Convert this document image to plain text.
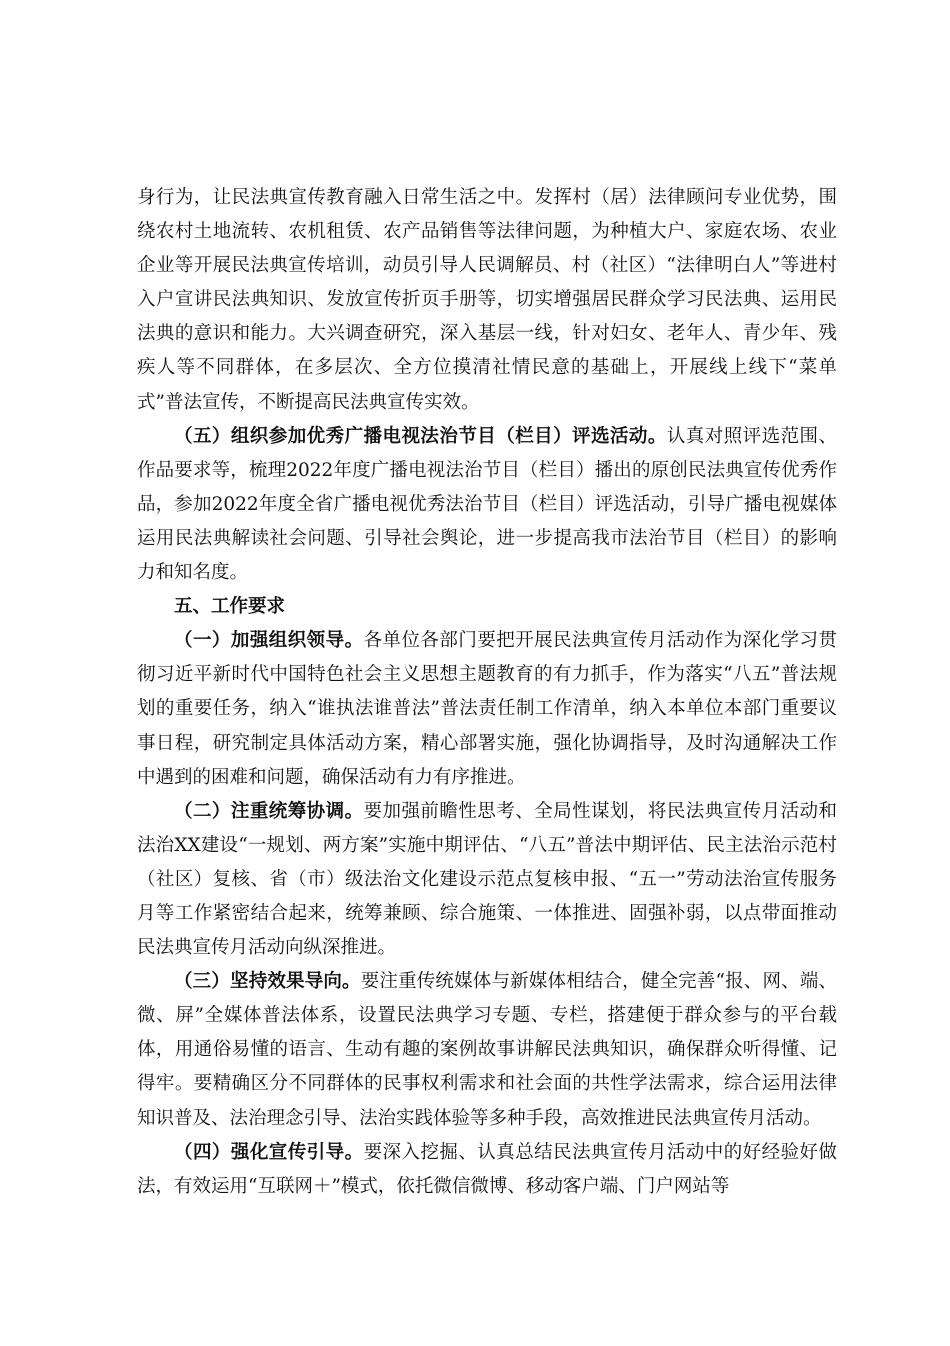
身行为，让民法典宣传教育融入日常生活之中。发挥村（居）法律顾问专业优势，围绕农村土地流转、农机租赁、农产品销售等法律问题，为种植大户、家庭农场、农业企业等开展民法典宣传培训，动员引导人民调解员、村（社区）“法律明白人”等进村入户宣讲民法典知识、发放宣传折页手册等，切实增强居民群众学习民法典、运用民法典的意识和能力。大兴调查研究，深入基层一线，针对妇女、老年人、青少年、残疾人等不同群体，在多层次、全方位摸清社情民意的基础上，开展线上线下“菜单式”普法宣传，不断提高民法典宣传实效。

（五）组织参加优秀广播电视法治节目（栏目）评选活动。认真对照评选范围、作品要求等，梳理2022年度广播电视法治节目（栏目）播出的原创民法典宣传优秀作品，参加2022年度全省广播电视优秀法治节目（栏目）评选活动，引导广播电视媒体运用民法典解读社会问题、引导社会舆论，进一步提高我市法治节目（栏目）的影响力和知名度。

五、工作要求

（一）加强组织领导。各单位各部门要把开展民法典宣传月活动作为深化学习贯彻习近平新时代中国特色社会主义思想主题教育的有力抓手，作为落实“八五”普法规划的重要任务，纳入“谁执法谁普法”普法责任制工作清单，纳入本单位本部门重要议事日程，研究制定具体活动方案，精心部署实施，强化协调指导，及时沟通解决工作中遇到的困难和问题，确保活动有力有序推进。

（二）注重统筹协调。要加强前瞻性思考、全局性谋划，将民法典宣传月活动和法治XX建设“一规划、两方案”实施中期评估、“八五”普法中期评估、民主法治示范村（社区）复核、省（市）级法治文化建设示范点复核申报、“五一”劳动法治宣传服务月等工作紧密结合起来，统筹兼顾、综合施策、一体推进、固强补弱，以点带面推动民法典宣传月活动向纵深推进。

（三）坚持效果导向。要注重传统媒体与新媒体相结合，健全完善“报、网、端、微、屏”全媒体普法体系，设置民法典学习专题、专栏，搭建便于群众参与的平台载体，用通俗易懂的语言、生动有趣的案例故事讲解民法典知识，确保群众听得懂、记得牢。要精确区分不同群体的民事权利需求和社会面的共性学法需求，综合运用法律知识普及、法治理念引导、法治实践体验等多种手段，高效推进民法典宣传月活动。

（四）强化宣传引导。要深入挖掘、认真总结民法典宣传月活动中的好经验好做法，有效运用“互联网＋”模式，依托微信微博、移动客户端、门户网站等
